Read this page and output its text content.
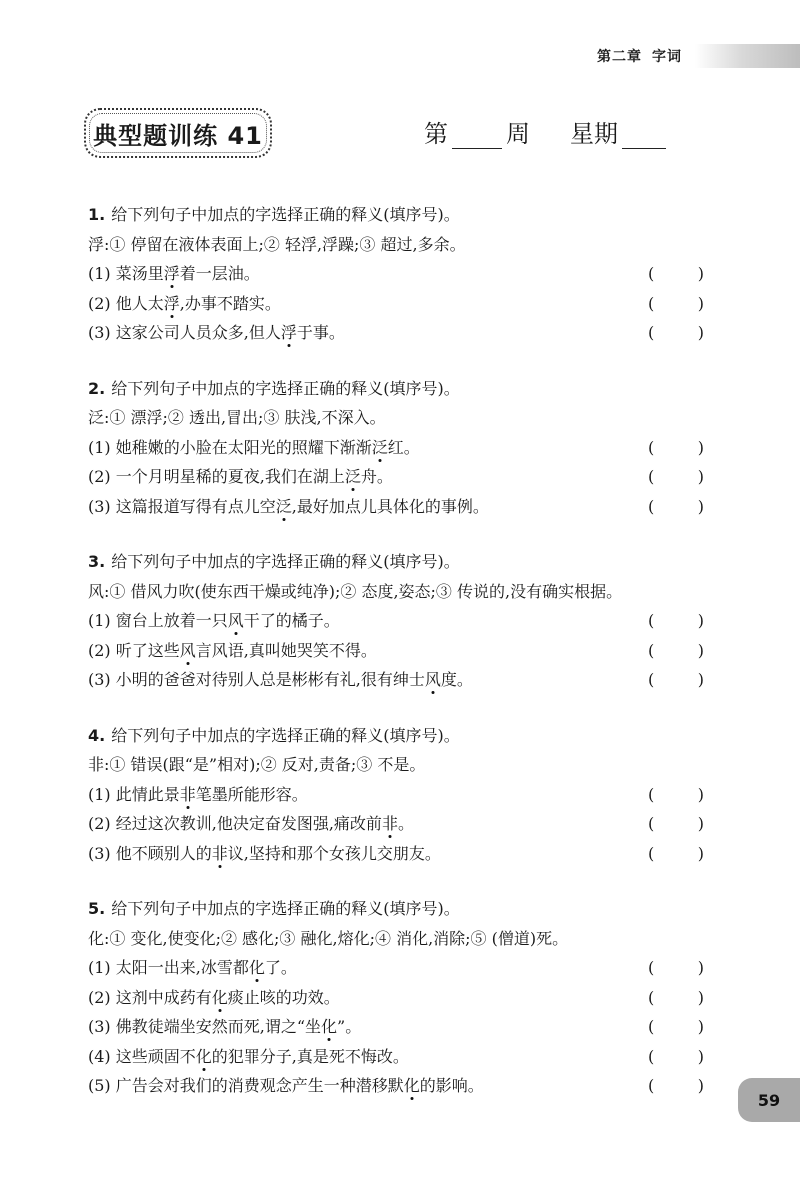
第二章 字词
典型题训练 41	第 周 星期
1. 给下列句子中加点的字选择正确的释义(填序号)。
浮:① 停留在液体表面上;② 轻浮,浮躁;③ 超过,多余。
(1) 菜汤里浮着一层油。	(	)
(2) 他人太浮,办事不踏实。	(	)
(3) 这家公司人员众多,但人浮于事。	(	)
2. 给下列句子中加点的字选择正确的释义(填序号)。
泛:① 漂浮;② 透出,冒出;③ 肤浅,不深入。
(1) 她稚嫩的小脸在太阳光的照耀下渐渐泛红。	(	)
(2) 一个月明星稀的夏夜,我们在湖上泛舟。	(	)
(3) 这篇报道写得有点儿空泛,最好加点儿具体化的事例。	(	)
3. 给下列句子中加点的字选择正确的释义(填序号)。
风:① 借风力吹(使东西干燥或纯净);② 态度,姿态;③ 传说的,没有确实根据。
(1) 窗台上放着一只风干了的橘子。	(	)
(2) 听了这些风言风语,真叫她哭笑不得。	(	)
(3) 小明的爸爸对待别人总是彬彬有礼,很有绅士风度。	(	)
4. 给下列句子中加点的字选择正确的释义(填序号)。
非:① 错误(跟“是”相对);② 反对,责备;③ 不是。
(1) 此情此景非笔墨所能形容。	(	)
(2) 经过这次教训,他决定奋发图强,痛改前非。	(	)
(3) 他不顾别人的非议,坚持和那个女孩儿交朋友。	(	)
5. 给下列句子中加点的字选择正确的释义(填序号)。
化:① 变化,使变化;② 感化;③ 融化,熔化;④ 消化,消除;⑤ (僧道)死。
(1) 太阳一出来,冰雪都化了。	(	)
(2) 这剂中成药有化痰止咳的功效。	(	)
(3) 佛教徒端坐安然而死,谓之“坐化”。	(	)
(4) 这些顽固不化的犯罪分子,真是死不悔改。	(	)
(5) 广告会对我们的消费观念产生一种潜移默化的影响。	(	)
59
